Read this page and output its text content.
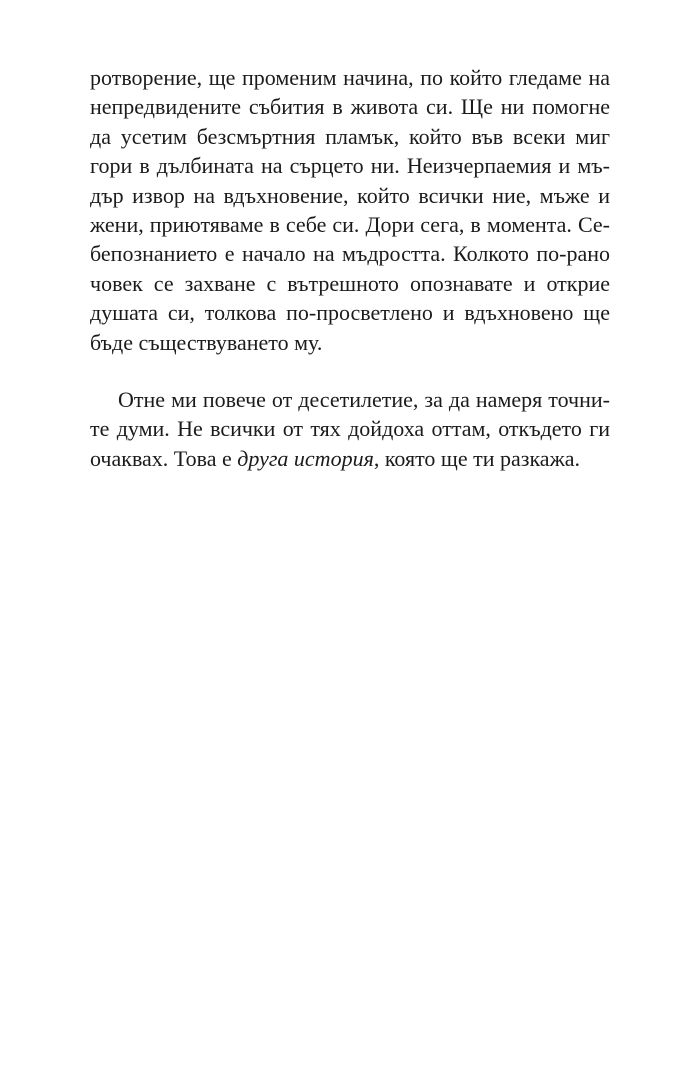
ротворение, ще променим начина, по който гледаме на
непредвидените събития в живота си. Ще ни помогне
да усетим безсмъртния пламък, който във всеки миг
гори в дълбината на сърцето ни. Неизчерпаемия и мъ-
дър извор на вдъхновение, който всички ние, мъже и
жени, приютяваме в себе си. Дори сега, в момента. Се-
бепознанието е начало на мъдростта. Колкото по-рано
човек се захване с вътрешното опознавате и открие
душата си, толкова по-просветлено и вдъхновено ще
бъде съществуването му.
Отне ми повече от десетилетие, за да намеря точни-
те думи. Не всички от тях дойдоха оттам, откъдето ги
очаквах. Това е друга история, която ще ти разкажа.
